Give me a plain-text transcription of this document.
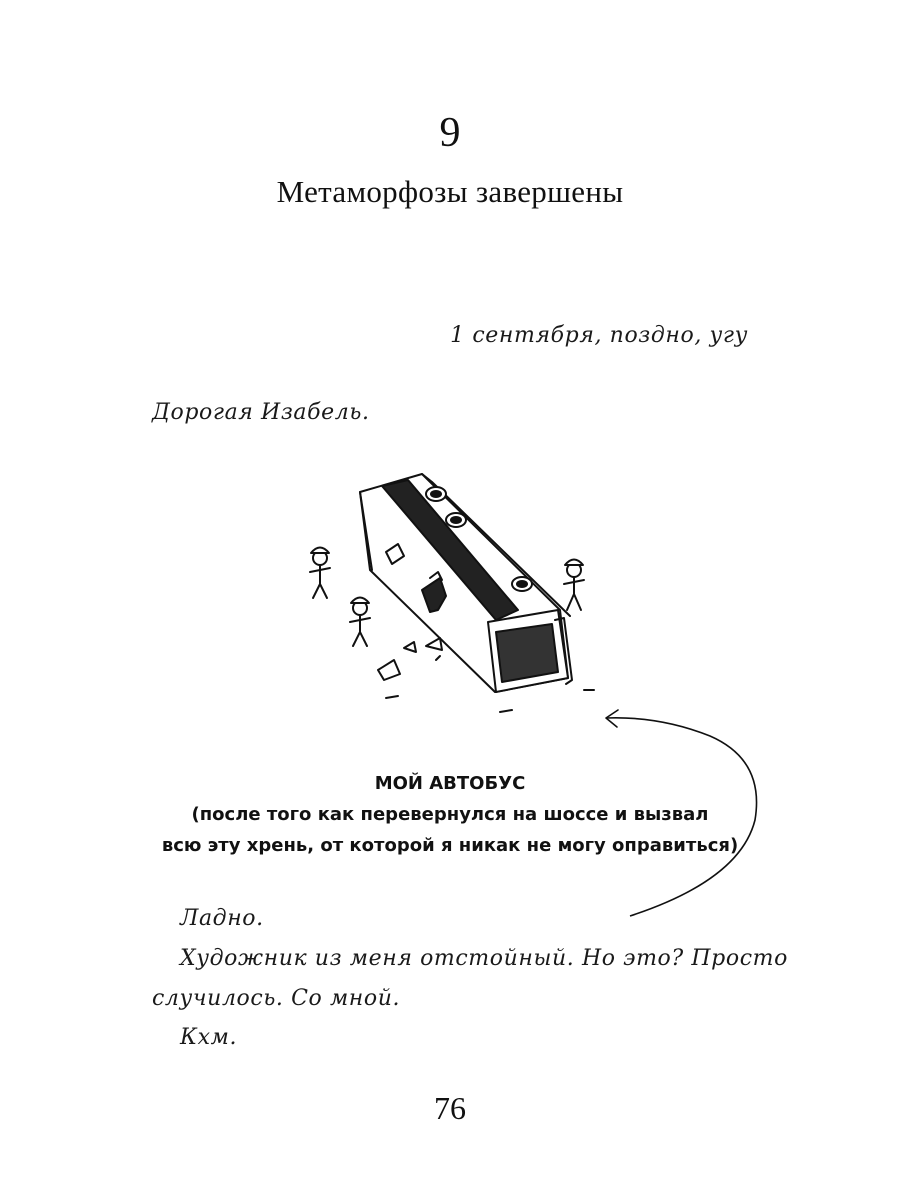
9
Метаморфозы завершены
1 сентября, поздно, угу
Дорогая Изабель.
МОЙ АВТОБУС
(после того как перевернулся на шоссе и вызвал
всю эту хрень, от которой я никак не могу оправиться)
Ладно.
Художник из меня отстойный. Но это? Просто
случилось. Со мной.
Кхм.
76
